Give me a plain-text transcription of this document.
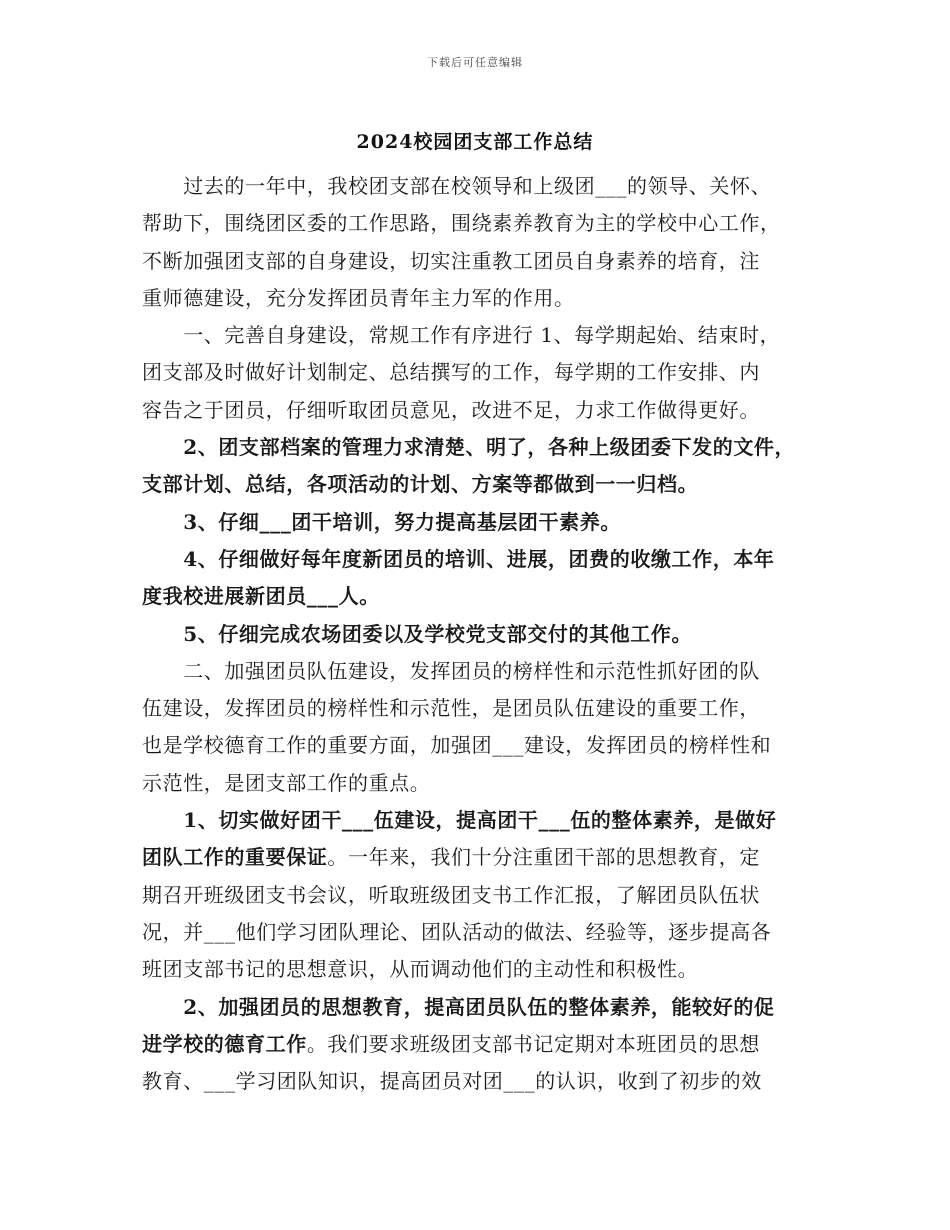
下载后可任意编辑
2024校园团支部工作总结
　　过去的一年中，我校团支部在校领导和上级团___的领导、关怀、
帮助下，围绕团区委的工作思路，围绕素养教育为主的学校中心工作，
不断加强团支部的自身建设，切实注重教工团员自身素养的培育，注
重师德建设，充分发挥团员青年主力军的作用。
　　一、完善自身建设，常规工作有序进行 1、每学期起始、结束时，
团支部及时做好计划制定、总结撰写的工作，每学期的工作安排、内
容告之于团员，仔细听取团员意见，改进不足，力求工作做得更好。
　　2、团支部档案的管理力求清楚、明了，各种上级团委下发的文件，
支部计划、总结，各项活动的计划、方案等都做到一一归档。
　　3、仔细___团干培训，努力提高基层团干素养。
　　4、仔细做好每年度新团员的培训、进展，团费的收缴工作，本年
度我校进展新团员___人。
　　5、仔细完成农场团委以及学校党支部交付的其他工作。
　　二、加强团员队伍建设，发挥团员的榜样性和示范性抓好团的队
伍建设，发挥团员的榜样性和示范性，是团员队伍建设的重要工作，
也是学校德育工作的重要方面，加强团___建设，发挥团员的榜样性和
示范性，是团支部工作的重点。
　　1、切实做好团干___伍建设，提高团干___伍的整体素养，是做好
团队工作的重要保证。一年来，我们十分注重团干部的思想教育，定
期召开班级团支书会议，听取班级团支书工作汇报，了解团员队伍状
况，并___他们学习团队理论、团队活动的做法、经验等，逐步提高各
班团支部书记的思想意识，从而调动他们的主动性和积极性。
　　2、加强团员的思想教育，提高团员队伍的整体素养，能较好的促
进学校的德育工作。我们要求班级团支部书记定期对本班团员的思想
教育、___学习团队知识，提高团员对团___的认识，收到了初步的效
